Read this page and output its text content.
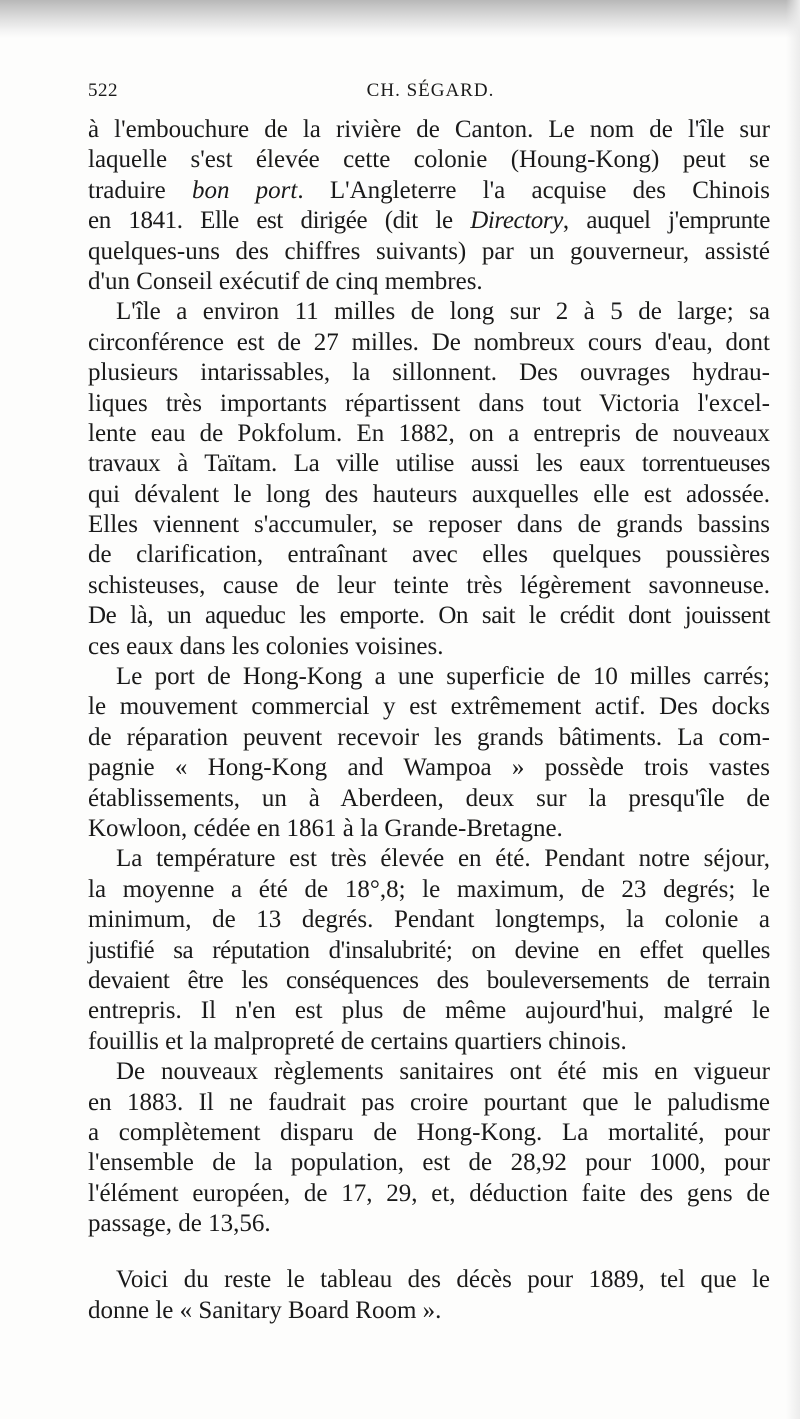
522	CH. SÉGARD.
à l'embouchure de la rivière de Canton. Le nom de l'île sur
laquelle s'est élevée cette colonie (Houng-Kong) peut se
traduire bon port. L'Angleterre l'a acquise des Chinois
en 1841. Elle est dirigée (dit le Directory, auquel j'emprunte
quelques-uns des chiffres suivants) par un gouverneur, assisté
d'un Conseil exécutif de cinq membres.
L'île a environ 11 milles de long sur 2 à 5 de large; sa
circonférence est de 27 milles. De nombreux cours d'eau, dont
plusieurs intarissables, la sillonnent. Des ouvrages hydrau-
liques très importants répartissent dans tout Victoria l'excel-
lente eau de Pokfolum. En 1882, on a entrepris de nouveaux
travaux à Taïtam. La ville utilise aussi les eaux torrentueuses
qui dévalent le long des hauteurs auxquelles elle est adossée.
Elles viennent s'accumuler, se reposer dans de grands bassins
de clarification, entraînant avec elles quelques poussières
schisteuses, cause de leur teinte très légèrement savonneuse.
De là, un aqueduc les emporte. On sait le crédit dont jouissent
ces eaux dans les colonies voisines.
Le port de Hong-Kong a une superficie de 10 milles carrés;
le mouvement commercial y est extrêmement actif. Des docks
de réparation peuvent recevoir les grands bâtiments. La com-
pagnie « Hong-Kong and Wampoa » possède trois vastes
établissements, un à Aberdeen, deux sur la presqu'île de
Kowloon, cédée en 1861 à la Grande-Bretagne.
La température est très élevée en été. Pendant notre séjour,
la moyenne a été de 18°,8; le maximum, de 23 degrés; le
minimum, de 13 degrés. Pendant longtemps, la colonie a
justifié sa réputation d'insalubrité; on devine en effet quelles
devaient être les conséquences des bouleversements de terrain
entrepris. Il n'en est plus de même aujourd'hui, malgré le
fouillis et la malpropreté de certains quartiers chinois.
De nouveaux règlements sanitaires ont été mis en vigueur
en 1883. Il ne faudrait pas croire pourtant que le paludisme
a complètement disparu de Hong-Kong. La mortalité, pour
l'ensemble de la population, est de 28,92 pour 1000, pour
l'élément européen, de 17, 29, et, déduction faite des gens de
passage, de 13,56.
Voici du reste le tableau des décès pour 1889, tel que le
donne le « Sanitary Board Room ».
